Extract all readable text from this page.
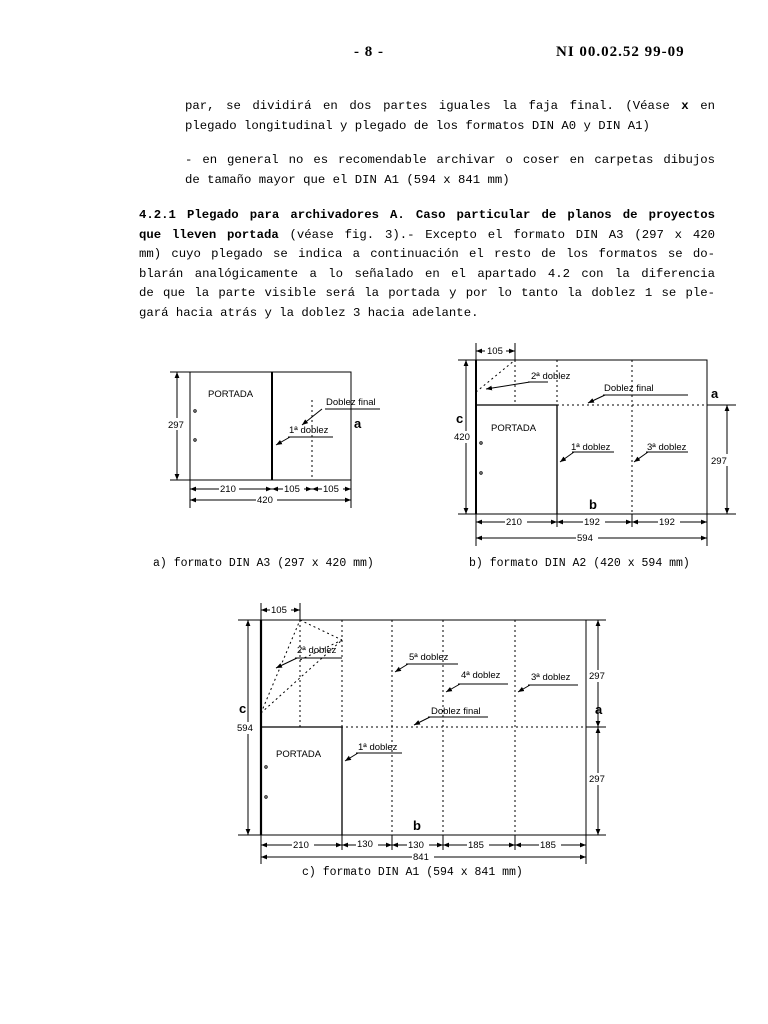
- 8 -	NI 00.02.52 99-09
par, se dividirá en dos partes iguales la faja final. (Véase x en
plegado longitudinal y plegado de los formatos DIN A0 y DIN A1)
- en general no es recomendable archivar o coser en carpetas dibujos
de tamaño mayor que el DIN A1 (594 x 841 mm)
4.2.1 Plegado para archivadores A. Caso particular de planos de proyectos
que lleven portada (véase fig. 3).- Excepto el formato DIN A3 (297 x 420
mm) cuyo plegado se indica a continuación el resto de los formatos se do-
blarán analógicamente a lo señalado en el apartado 4.2 con la diferencia
de que la parte visible será la portada y por lo tanto la doblez 1 se ple-
gará hacia atrás y la doblez 3 hacia adelante.
297
PORTADA
Doblez final
1ª doblez a
210	105 105
420
105
2ª doblez
Doblez final	a
c
420
PORTADA
1ª doblez	3ª doblez
297
b
210	192	192
594
105
2ª doblez
5ª doblez
4ª doblez	3ª doblez 297
c
594
Doblez final	a
1ª doblez
PORTADA
297
b
210	130	130	185	185
841
a) formato DIN A3 (297 x 420 mm)	b) formato DIN A2 (420 x 594 mm)
c) formato DIN A1 (594 x 841 mm)
